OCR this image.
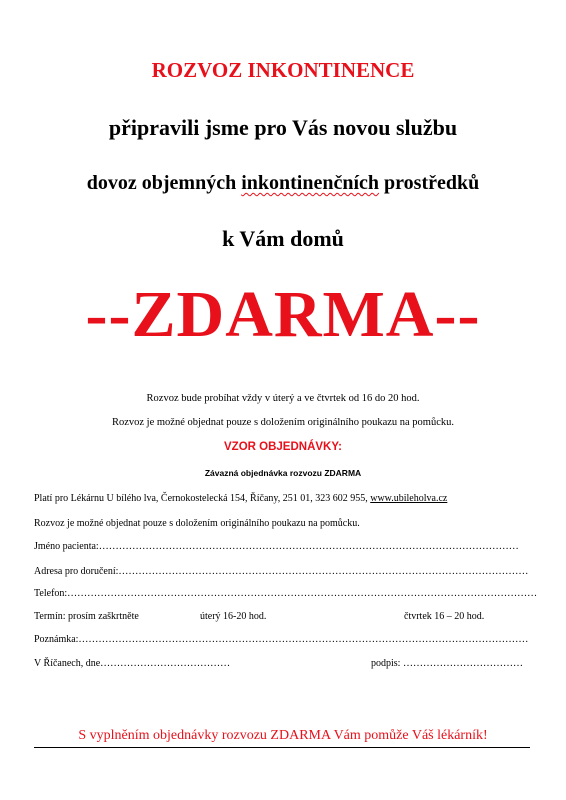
ROZVOZ INKONTINENCE
připravili jsme pro Vás novou službu
dovoz objemných inkontinenčních prostředků
k Vám domů
--ZDARMA--
Rozvoz bude probíhat vždy v úterý a ve čtvrtek od 16 do 20 hod.
Rozvoz je možné objednat pouze s doložením originálního poukazu na pomůcku.
VZOR OBJEDNÁVKY:
Závazná objednávka rozvozu ZDARMA
Platí pro Lékárnu U bílého lva, Černokostelecká 154, Říčany, 251 01, 323 602 955, www.ubileholva.cz
Rozvoz je možné objednat pouze s doložením originálního poukazu na pomůcku.
Jméno pacienta:………………………………………………………………………………………………………………
Adresa pro doručení:……………………………………………………………………………………………………………
Telefon:……………………………………………………………………………………………………………………………
Termín: prosím zaškrtněte	úterý 16-20 hod.	čtvrtek 16 – 20 hod.
Poznámka:………………………………………………………………………………………………………………………
V Říčanech, dne…………………………………	podpis: ………………………………
S vyplněním objednávky rozvozu ZDARMA Vám pomůže Váš lékárník!
